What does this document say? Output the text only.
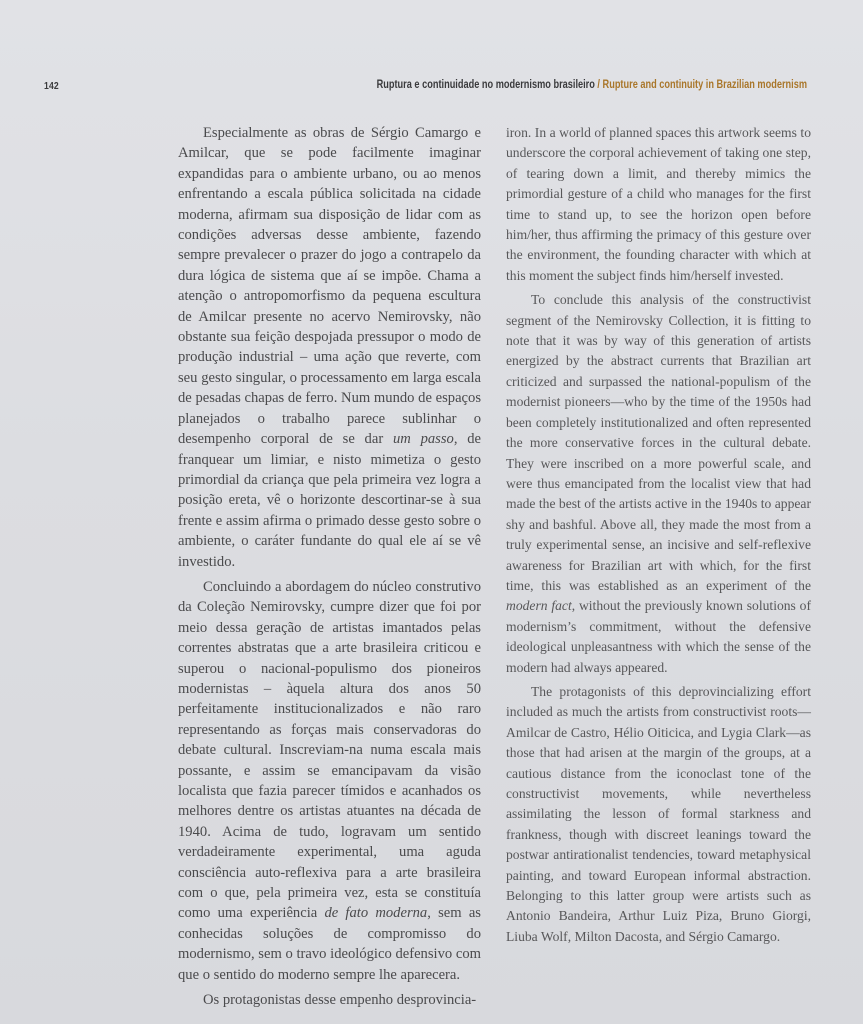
142	Ruptura e continuidade no modernismo brasileiro / Rupture and continuity in Brazilian modernism

Especialmente as obras de Sérgio Camargo e Amilcar, que se pode facilmente imaginar expandidas para o ambiente urbano, ou ao menos enfrentando a escala pública solicitada na cidade moderna, afirmam sua disposição de lidar com as condições adversas desse ambiente, fazendo sempre prevalecer o prazer do jogo a contrapelo da dura lógica de sistema que aí se impõe. Chama a atenção o antropomorfismo da pequena escultura de Amilcar presente no acervo Nemirovsky, não obstante sua feição despojada pressupor o modo de produção industrial – uma ação que reverte, com seu gesto singular, o processamento em larga escala de pesadas chapas de ferro. Num mundo de espaços planejados o trabalho parece sublinhar o desempenho corporal de se dar um passo, de franquear um limiar, e nisto mimetiza o gesto primordial da criança que pela primeira vez logra a posição ereta, vê o horizonte descortinar-se à sua frente e assim afirma o primado desse gesto sobre o ambiente, o caráter fundante do qual ele aí se vê investido.

Concluindo a abordagem do núcleo construtivo da Coleção Nemirovsky, cumpre dizer que foi por meio dessa geração de artistas imantados pelas correntes abstratas que a arte brasileira criticou e superou o nacional-populismo dos pioneiros modernistas – àquela altura dos anos 50 perfeitamente institucionalizados e não raro representando as forças mais conservadoras do debate cultural. Inscreviam-na numa escala mais possante, e assim se emancipavam da visão localista que fazia parecer tímidos e acanhados os melhores dentre os artistas atuantes na década de 1940. Acima de tudo, logravam um sentido verdadeiramente experimental, uma aguda consciência auto-reflexiva para a arte brasileira com o que, pela primeira vez, esta se constituía como uma experiência de fato moderna, sem as conhecidas soluções de compromisso do modernismo, sem o travo ideológico defensivo com que o sentido do moderno sempre lhe aparecera.

Os protagonistas desse empenho desprovincia-

iron. In a world of planned spaces this artwork seems to underscore the corporal achievement of taking one step, of tearing down a limit, and thereby mimics the primordial gesture of a child who manages for the first time to stand up, to see the horizon open before him/her, thus affirming the primacy of this gesture over the environment, the founding character with which at this moment the subject finds him/herself invested.

To conclude this analysis of the constructivist segment of the Nemirovsky Collection, it is fitting to note that it was by way of this generation of artists energized by the abstract currents that Brazilian art criticized and surpassed the national-populism of the modernist pioneers—who by the time of the 1950s had been completely institutionalized and often represented the more conservative forces in the cultural debate. They were inscribed on a more powerful scale, and were thus emancipated from the localist view that had made the best of the artists active in the 1940s to appear shy and bashful. Above all, they made the most from a truly experimental sense, an incisive and self-reflexive awareness for Brazilian art with which, for the first time, this was established as an experiment of the modern fact, without the previously known solutions of modernism’s commitment, without the defensive ideological unpleasantness with which the sense of the modern had always appeared.

The protagonists of this deprovincializing effort included as much the artists from constructivist roots—Amilcar de Castro, Hélio Oiticica, and Lygia Clark—as those that had arisen at the margin of the groups, at a cautious distance from the iconoclast tone of the constructivist movements, while nevertheless assimilating the lesson of formal starkness and frankness, though with discreet leanings toward the postwar antirationalist tendencies, toward metaphysical painting, and toward European informal abstraction. Belonging to this latter group were artists such as Antonio Bandeira, Arthur Luiz Piza, Bruno Giorgi, Liuba Wolf, Milton Dacosta, and Sérgio Camargo.
